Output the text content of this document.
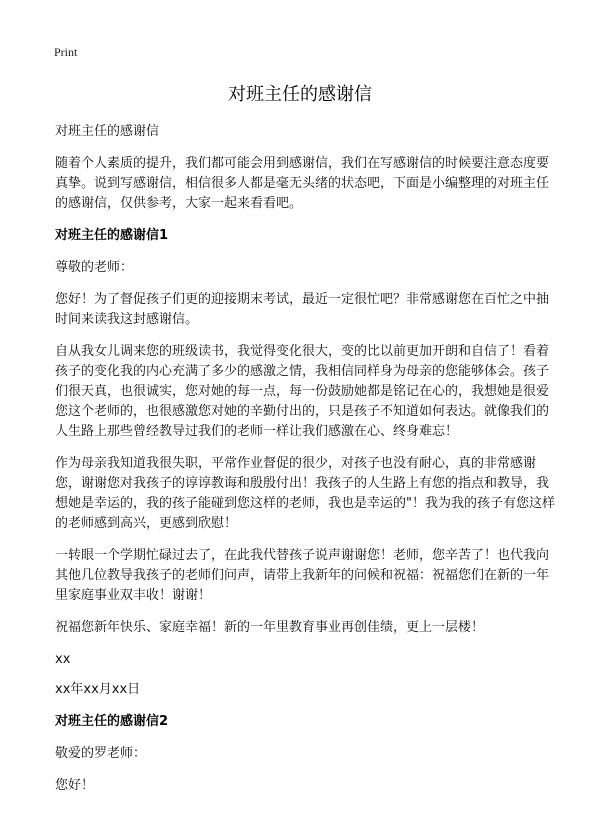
Print
对班主任的感谢信

对班主任的感谢信

随着个人素质的提升，我们都可能会用到感谢信，我们在写感谢信的时候要注意态度要真挚。说到写感谢信，相信很多人都是毫无头绪的状态吧，下面是小编整理的对班主任的感谢信，仅供参考，大家一起来看看吧。

对班主任的感谢信1

尊敬的老师：

您好！为了督促孩子们更的迎接期末考试，最近一定很忙吧？非常感谢您在百忙之中抽时间来读我这封感谢信。

自从我女儿调来您的班级读书，我觉得变化很大，变的比以前更加开朗和自信了！看着孩子的变化我的内心充满了多少的感激之情，我相信同样身为母亲的您能够体会。孩子们很天真，也很诚实，您对她的每一点，每一份鼓励她都是铭记在心的，我想她是很爱您这个老师的，也很感激您对她的辛勤付出的，只是孩子不知道如何表达。就像我们的人生路上那些曾经教导过我们的老师一样让我们感激在心、终身难忘！

作为母亲我知道我很失职，平常作业督促的很少，对孩子也没有耐心，真的非常感谢您，谢谢您对我孩子的谆谆教诲和殷殷付出！我孩子的人生路上有您的指点和教导，我想她是幸运的，我的孩子能碰到您这样的老师，我也是幸运的"！我为我的孩子有您这样的老师感到高兴，更感到欣慰！

一转眼一个学期忙碌过去了，在此我代替孩子说声谢谢您！老师，您辛苦了！也代我向其他几位教导我孩子的老师们问声，请带上我新年的问候和祝福：祝福您们在新的一年里家庭事业双丰收！谢谢！

祝福您新年快乐、家庭幸福！新的一年里教育事业再创佳绩，更上一层楼！

xx

xx年xx月xx日

对班主任的感谢信2

敬爱的罗老师：

您好！
